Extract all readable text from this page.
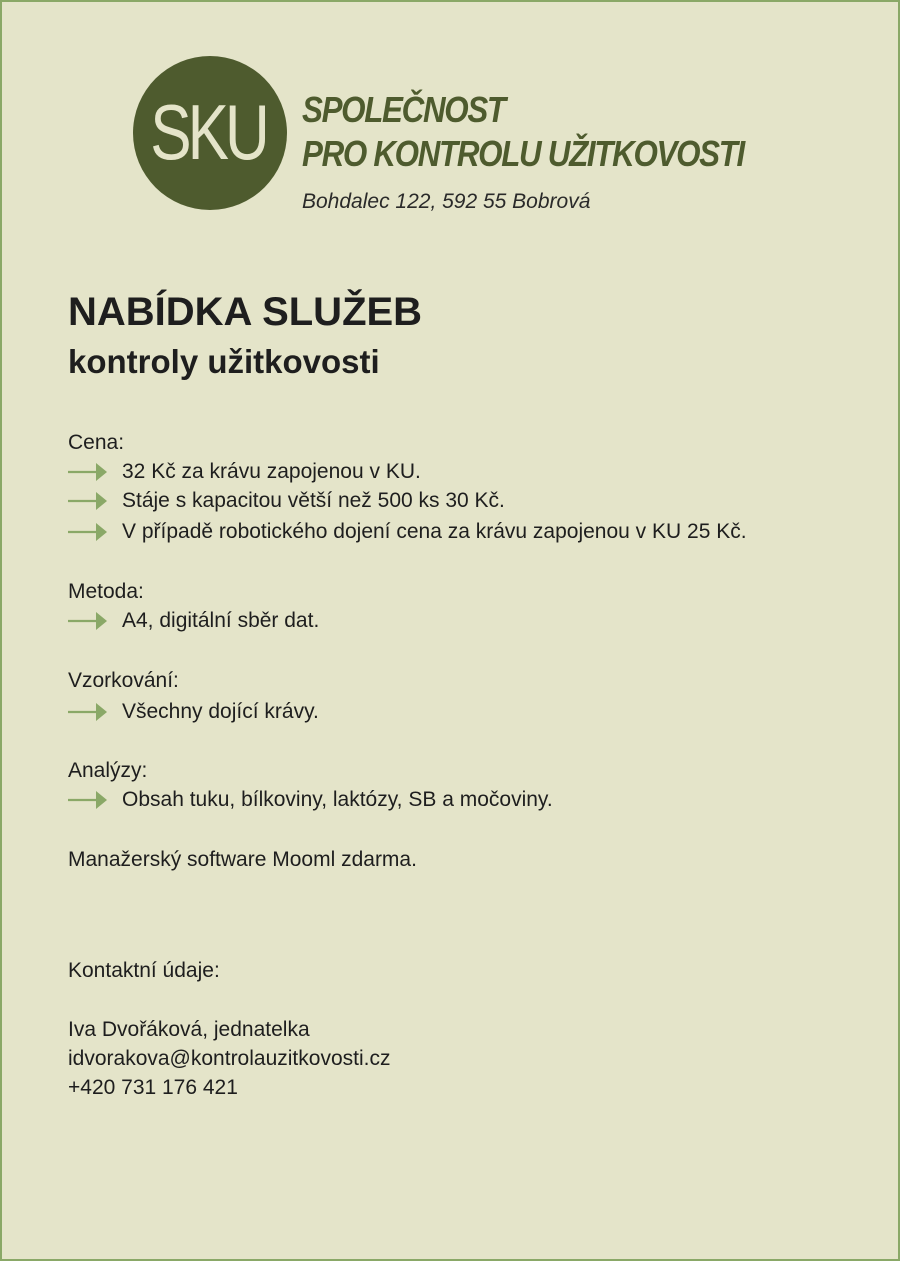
SKU SPOLEČNOST
PRO KONTROLU UŽITKOVOSTI
Bohdalec 122, 592 55 Bobrová
NABÍDKA SLUŽEB
kontroly užitkovosti
Cena:
32 Kč za krávu zapojenou v KU.
Stáje s kapacitou větší než 500 ks 30 Kč.
V případě robotického dojení cena za krávu zapojenou v KU 25 Kč.
Metoda:
A4, digitální sběr dat.
Vzorkování:
Všechny dojící krávy.
Analýzy:
Obsah tuku, bílkoviny, laktózy, SB a močoviny.
Manažerský software Mooml zdarma.
Kontaktní údaje:
Iva Dvořáková, jednatelka
idvorakova@kontrolauzitkovosti.cz
+420 731 176 421
